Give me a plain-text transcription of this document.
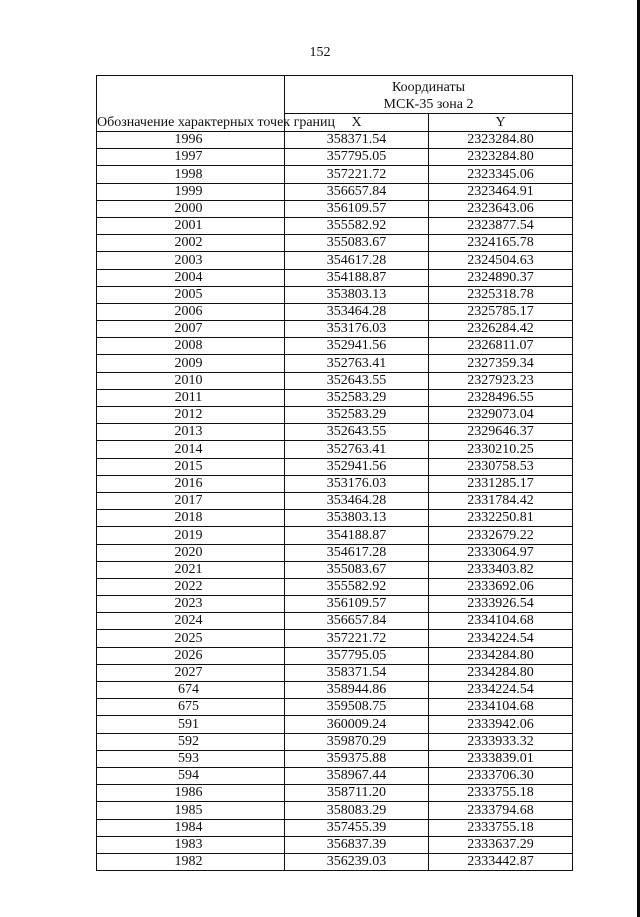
152
Обозначение характерных точек границ	Координаты
МСК-35 зона 2	
	X	Y
1996	358371.54	2323284.80
1997	357795.05	2323284.80
1998	357221.72	2323345.06
1999	356657.84	2323464.91
2000	356109.57	2323643.06
2001	355582.92	2323877.54
2002	355083.67	2324165.78
2003	354617.28	2324504.63
2004	354188.87	2324890.37
2005	353803.13	2325318.78
2006	353464.28	2325785.17
2007	353176.03	2326284.42
2008	352941.56	2326811.07
2009	352763.41	2327359.34
2010	352643.55	2327923.23
2011	352583.29	2328496.55
2012	352583.29	2329073.04
2013	352643.55	2329646.37
2014	352763.41	2330210.25
2015	352941.56	2330758.53
2016	353176.03	2331285.17
2017	353464.28	2331784.42
2018	353803.13	2332250.81
2019	354188.87	2332679.22
2020	354617.28	2333064.97
2021	355083.67	2333403.82
2022	355582.92	2333692.06
2023	356109.57	2333926.54
2024	356657.84	2334104.68
2025	357221.72	2334224.54
2026	357795.05	2334284.80
2027	358371.54	2334284.80
674	358944.86	2334224.54
675	359508.75	2334104.68
591	360009.24	2333942.06
592	359870.29	2333933.32
593	359375.88	2333839.01
594	358967.44	2333706.30
1986	358711.20	2333755.18
1985	358083.29	2333794.68
1984	357455.39	2333755.18
1983	356837.39	2333637.29
1982	356239.03	2333442.87
